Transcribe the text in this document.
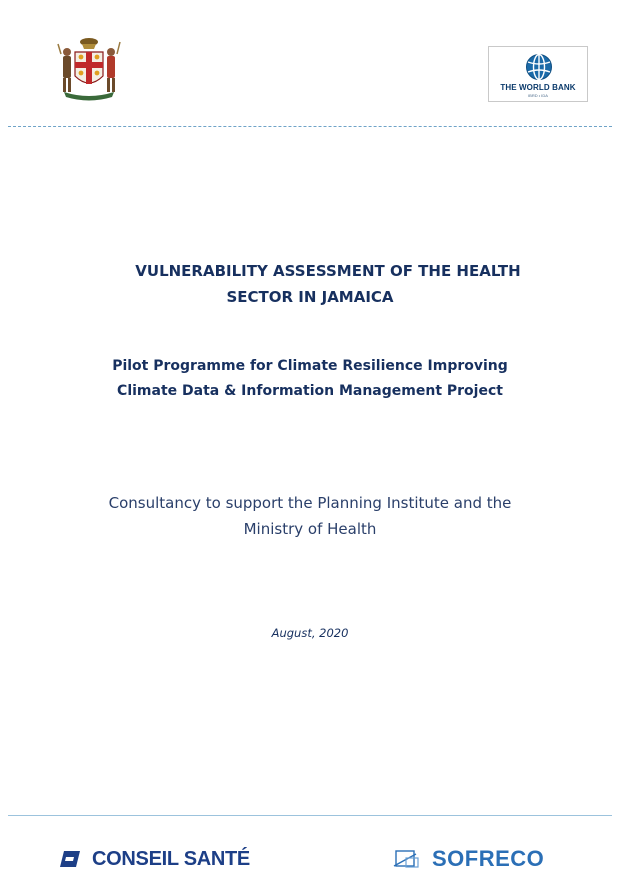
THE WORLD BANK
IBRD • IDA
VULNERABILITY ASSESSMENT OF THE HEALTH
SECTOR IN JAMAICA
Pilot Programme for Climate Resilience Improving
Climate Data & Information Management Project
Consultancy to support the Planning Institute and the
Ministry of Health
August, 2020
CONSEIL SANTÉ	SOFRECO
